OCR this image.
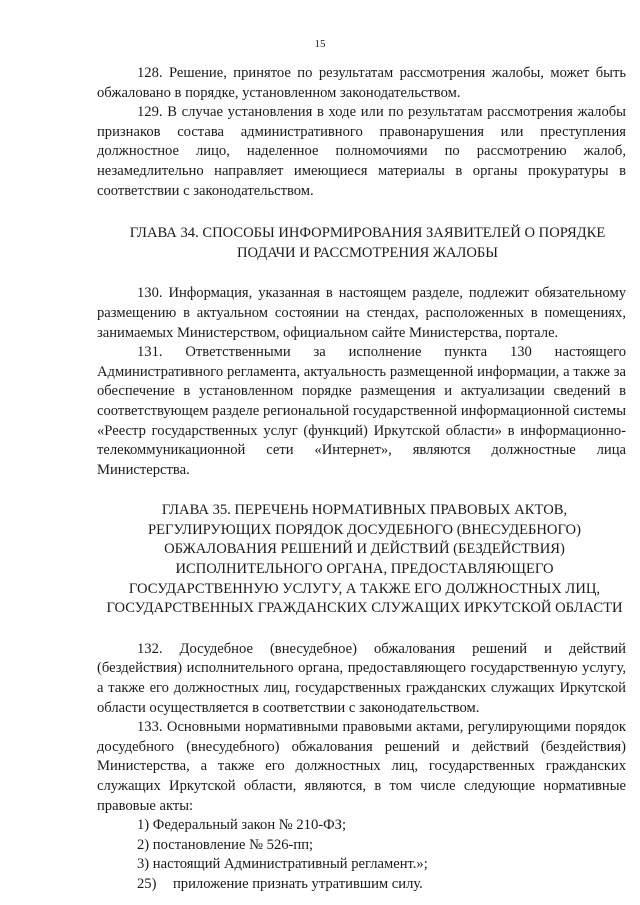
15

128. Решение, принятое по результатам рассмотрения жалобы, может быть обжаловано в порядке, установленном законодательством.

129. В случае установления в ходе или по результатам рассмотрения жалобы признаков состава административного правонарушения или преступления должностное лицо, наделенное полномочиями по рассмотрению жалоб, незамедлительно направляет имеющиеся материалы в органы прокуратуры в соответствии с законодательством.

ГЛАВА 34. СПОСОБЫ ИНФОРМИРОВАНИЯ ЗАЯВИТЕЛЕЙ О ПОРЯДКЕ ПОДАЧИ И РАССМОТРЕНИЯ ЖАЛОБЫ

130. Информация, указанная в настоящем разделе, подлежит обязательному размещению в актуальном состоянии на стендах, расположенных в помещениях, занимаемых Министерством, официальном сайте Министерства, портале.

131. Ответственными за исполнение пункта 130 настоящего Административного регламента, актуальность размещенной информации, а также за обеспечение в установленном порядке размещения и актуализации сведений в соответствующем разделе региональной государственной информационной системы «Реестр государственных услуг (функций) Иркутской области» в информационно-телекоммуникационной сети «Интернет», являются должностные лица Министерства.

ГЛАВА 35. ПЕРЕЧЕНЬ НОРМАТИВНЫХ ПРАВОВЫХ АКТОВ, РЕГУЛИРУЮЩИХ ПОРЯДОК ДОСУДЕБНОГО (ВНЕСУДЕБНОГО) ОБЖАЛОВАНИЯ РЕШЕНИЙ И ДЕЙСТВИЙ (БЕЗДЕЙСТВИЯ) ИСПОЛНИТЕЛЬНОГО ОРГАНА, ПРЕДОСТАВЛЯЮЩЕГО ГОСУДАРСТВЕННУЮ УСЛУГУ, А ТАКЖЕ ЕГО ДОЛЖНОСТНЫХ ЛИЦ, ГОСУДАРСТВЕННЫХ ГРАЖДАНСКИХ СЛУЖАЩИХ ИРКУТСКОЙ ОБЛАСТИ

132. Досудебное (внесудебное) обжалования решений и действий (бездействия) исполнительного органа, предоставляющего государственную услугу, а также его должностных лиц, государственных гражданских служащих Иркутской области осуществляется в соответствии с законодательством.

133. Основными нормативными правовыми актами, регулирующими порядок досудебного (внесудебного) обжалования решений и действий (бездействия) Министерства, а также его должностных лиц, государственных гражданских служащих Иркутской области, являются, в том числе следующие нормативные правовые акты:

1) Федеральный закон № 210-ФЗ;

2) постановление № 526-пп;

3) настоящий Административный регламент.»;

25) приложение признать утратившим силу.
